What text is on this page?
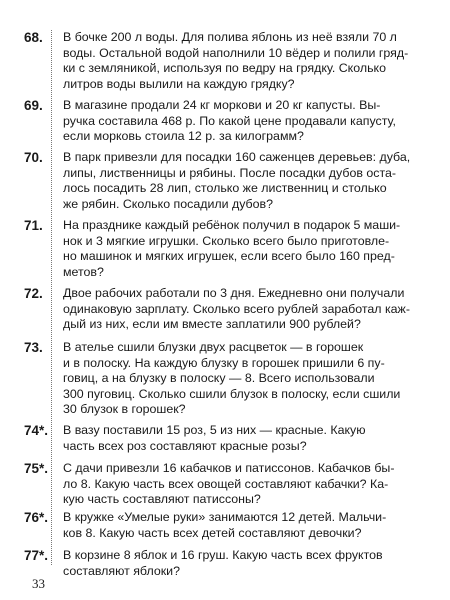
68. В бочке 200 л воды. Для полива яблонь из неё взяли 70 л
воды. Остальной водой наполнили 10 вёдер и полили гряд-
ки с земляникой, используя по ведру на грядку. Сколько
литров воды вылили на каждую грядку?
69. В магазине продали 24 кг моркови и 20 кг капусты. Вы-
ручка составила 468 р. По какой цене продавали капусту,
если морковь стоила 12 р. за килограмм?
70. В парк привезли для посадки 160 саженцев деревьев: дуба,
липы, лиственницы и рябины. После посадки дубов оста-
лось посадить 28 лип, столько же лиственниц и столько
же рябин. Сколько посадили дубов?
71. На празднике каждый ребёнок получил в подарок 5 маши-
нок и 3 мягкие игрушки. Сколько всего было приготовле-
но машинок и мягких игрушек, если всего было 160 пред-
метов?
72. Двое рабочих работали по 3 дня. Ежедневно они получали
одинаковую зарплату. Сколько всего рублей заработал каж-
дый из них, если им вместе заплатили 900 рублей?
73. В ателье сшили блузки двух расцветок — в горошек
и в полоску. На каждую блузку в горошек пришили 6 пу-
говиц, а на блузку в полоску — 8. Всего использовали
300 пуговиц. Сколько сшили блузок в полоску, если сшили
30 блузок в горошек?
74*. В вазу поставили 15 роз, 5 из них — красные. Какую
часть всех роз составляют красные розы?
75*. С дачи привезли 16 кабачков и патиссонов. Кабачков бы-
ло 8. Какую часть всех овощей составляют кабачки? Ка-
кую часть составляют патиссоны?
76*. В кружке «Умелые руки» занимаются 12 детей. Мальчи-
ков 8. Какую часть всех детей составляют девочки?
77*. В корзине 8 яблок и 16 груш. Какую часть всех фруктов
составляют яблоки?
33
